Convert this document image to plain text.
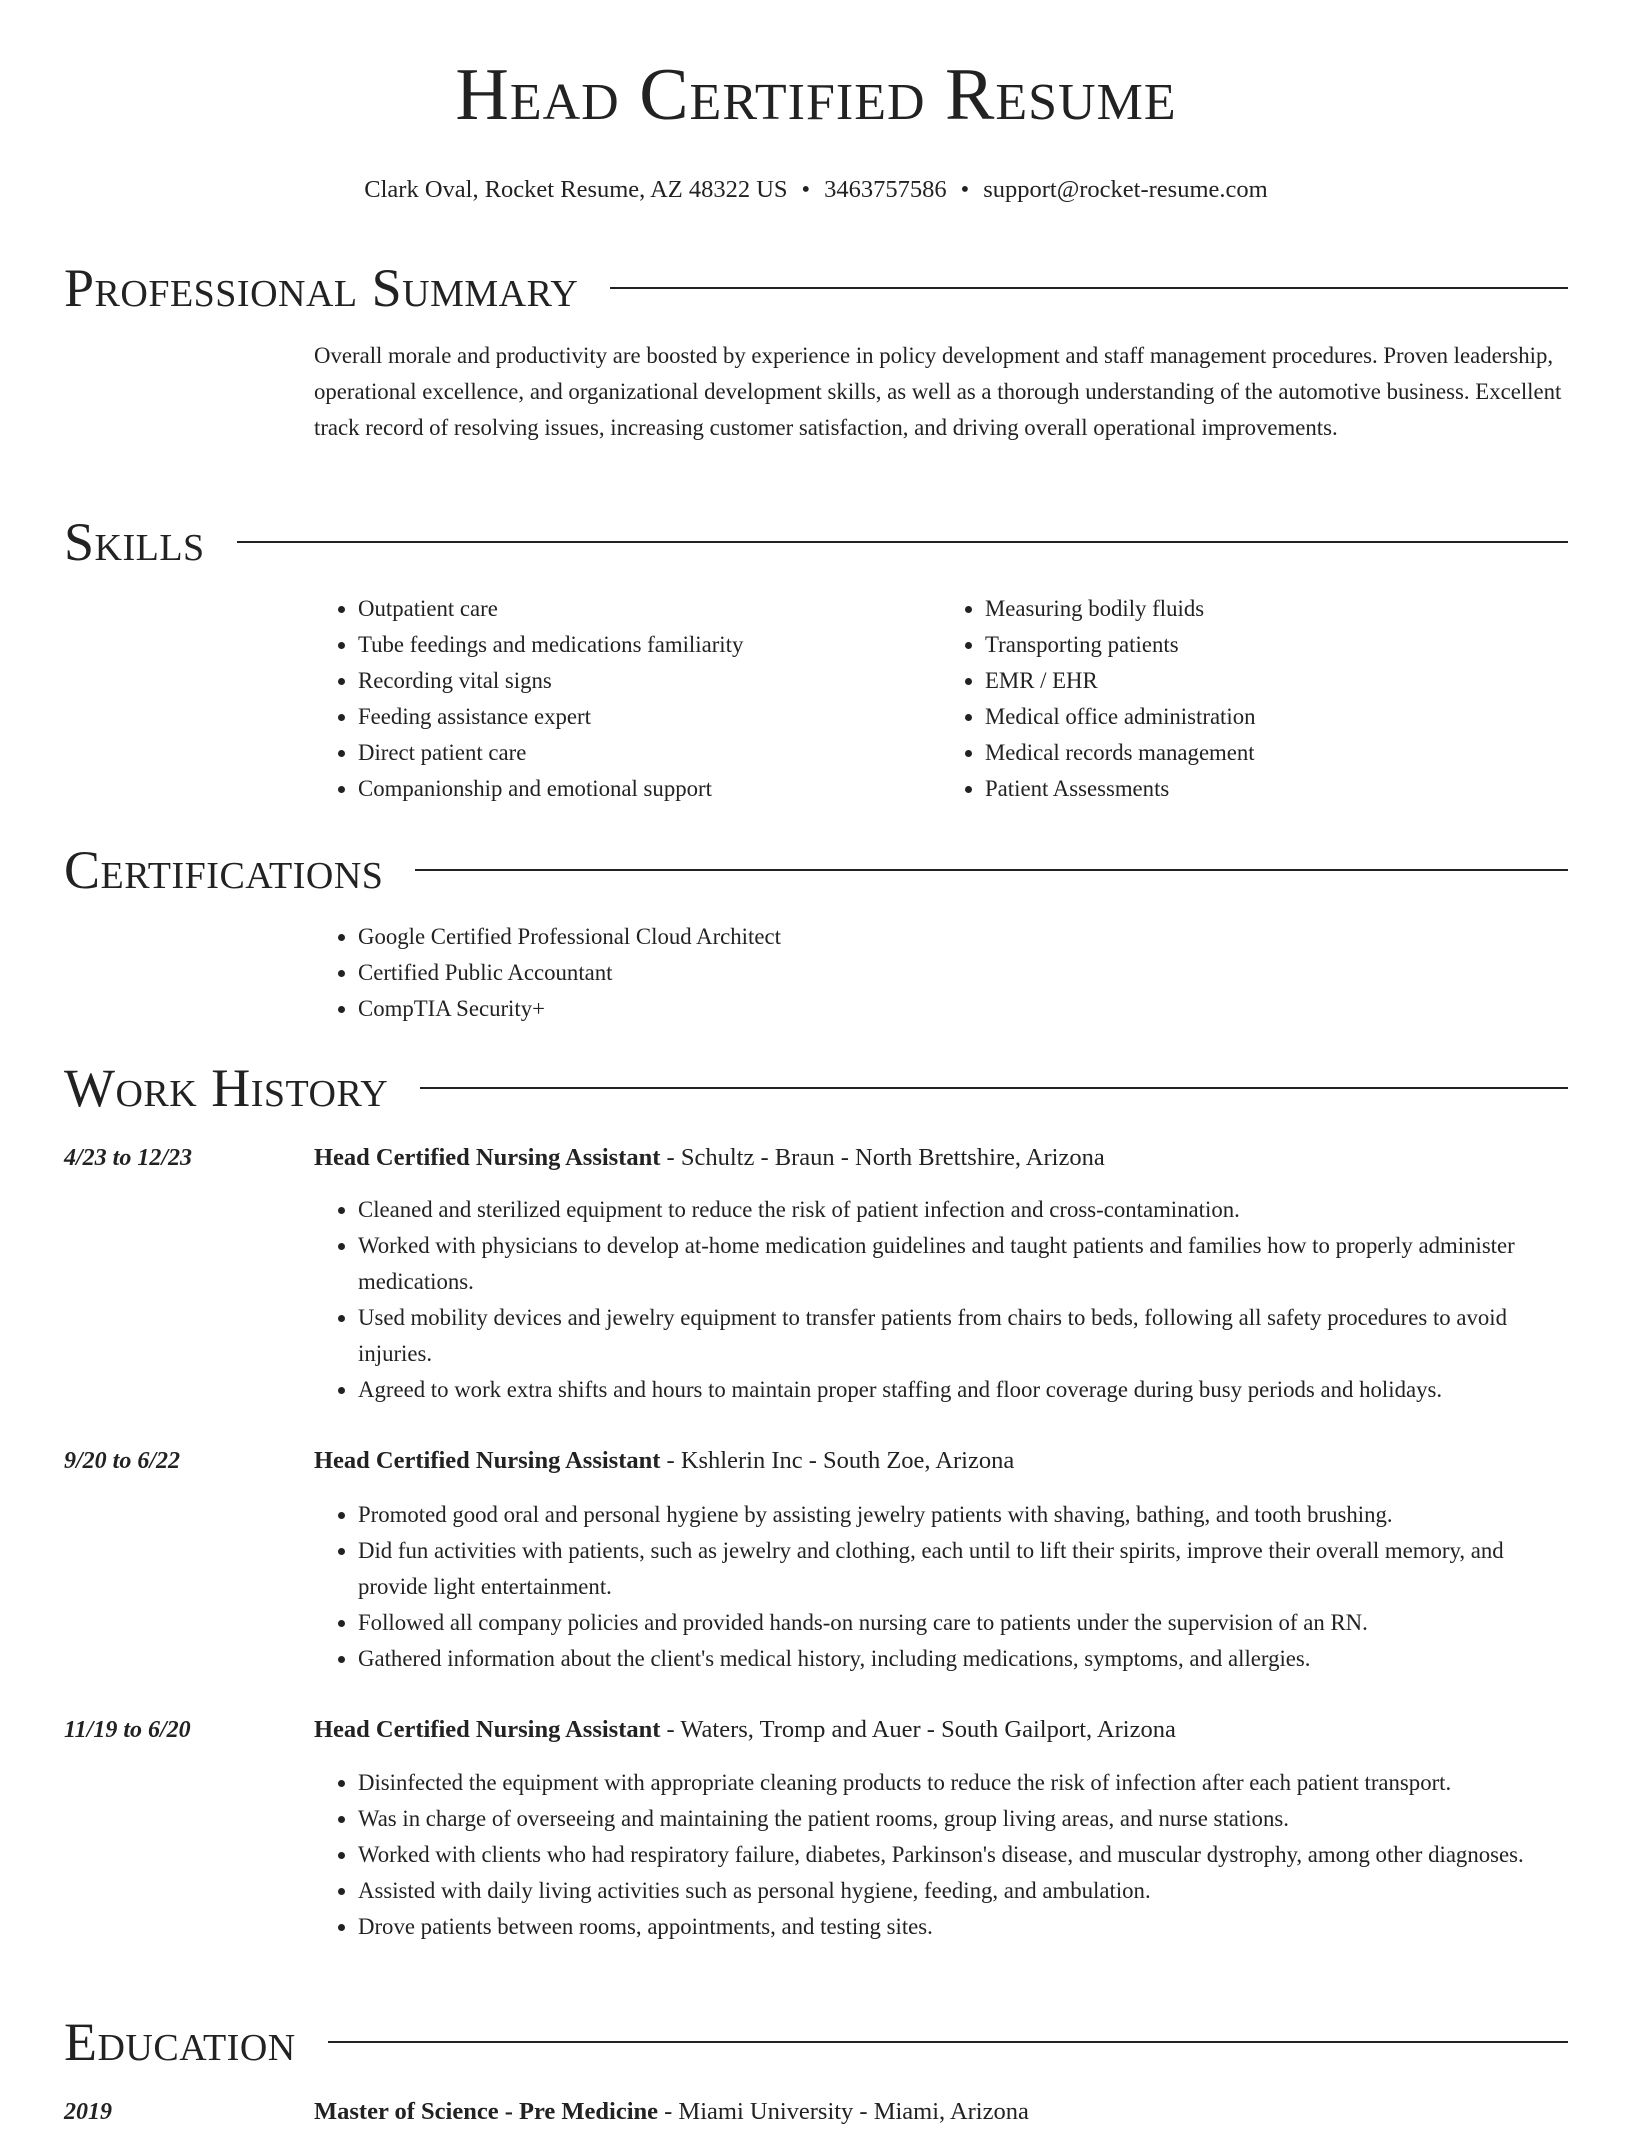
Head Certified Resume
Clark Oval, Rocket Resume, AZ 48322 US • 3463757586 • support@rocket-resume.com
Professional Summary
Overall morale and productivity are boosted by experience in policy development and staff management procedures. Proven leadership, operational excellence, and organizational development skills, as well as a thorough understanding of the automotive business. Excellent track record of resolving issues, increasing customer satisfaction, and driving overall operational improvements.
Skills
• Outpatient care
• Tube feedings and medications familiarity
• Recording vital signs
• Feeding assistance expert
• Direct patient care
• Companionship and emotional support
• Measuring bodily fluids
• Transporting patients
• EMR / EHR
• Medical office administration
• Medical records management
• Patient Assessments
Certifications
• Google Certified Professional Cloud Architect
• Certified Public Accountant
• CompTIA Security+
Work History
4/23 to 12/23	Head Certified Nursing Assistant - Schultz - Braun - North Brettshire, Arizona
• Cleaned and sterilized equipment to reduce the risk of patient infection and cross-contamination.
• Worked with physicians to develop at-home medication guidelines and taught patients and families how to properly administer medications.
• Used mobility devices and jewelry equipment to transfer patients from chairs to beds, following all safety procedures to avoid injuries.
• Agreed to work extra shifts and hours to maintain proper staffing and floor coverage during busy periods and holidays.
9/20 to 6/22	Head Certified Nursing Assistant - Kshlerin Inc - South Zoe, Arizona
• Promoted good oral and personal hygiene by assisting jewelry patients with shaving, bathing, and tooth brushing.
• Did fun activities with patients, such as jewelry and clothing, each until to lift their spirits, improve their overall memory, and provide light entertainment.
• Followed all company policies and provided hands-on nursing care to patients under the supervision of an RN.
• Gathered information about the client's medical history, including medications, symptoms, and allergies.
11/19 to 6/20	Head Certified Nursing Assistant - Waters, Tromp and Auer - South Gailport, Arizona
• Disinfected the equipment with appropriate cleaning products to reduce the risk of infection after each patient transport.
• Was in charge of overseeing and maintaining the patient rooms, group living areas, and nurse stations.
• Worked with clients who had respiratory failure, diabetes, Parkinson's disease, and muscular dystrophy, among other diagnoses.
• Assisted with daily living activities such as personal hygiene, feeding, and ambulation.
• Drove patients between rooms, appointments, and testing sites.
Education
2019	Master of Science - Pre Medicine - Miami University - Miami, Arizona
